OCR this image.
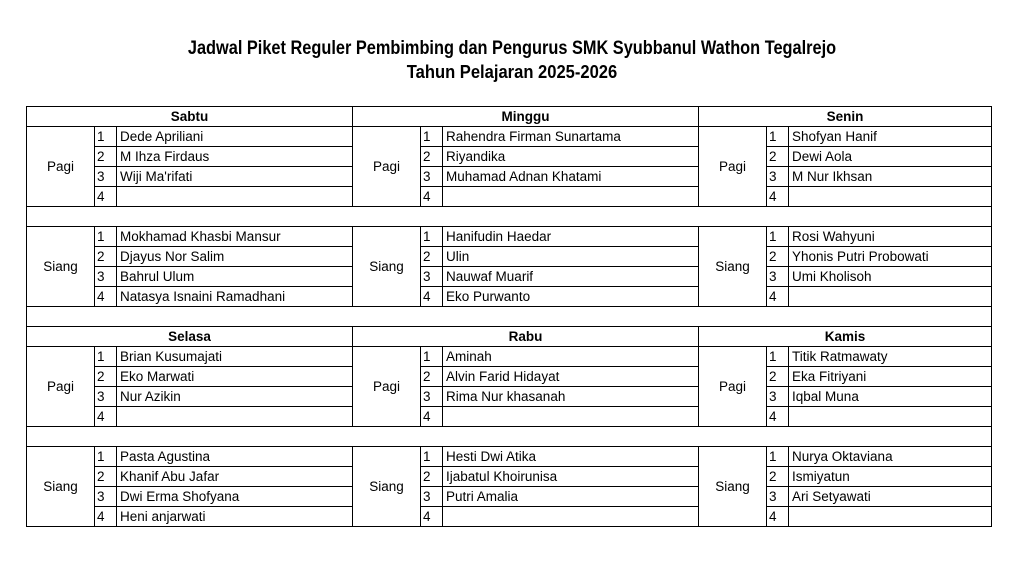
Jadwal Piket Reguler Pembimbing dan Pengurus SMK Syubbanul Wathon Tegalrejo
Tahun Pelajaran 2025-2026
Sabtu			Minggu			Senin		
Pagi	1	Dede Apriliani	Pagi	1	Rahendra Firman Sunartama	Pagi	1	Shofyan Hanif
	2	M Ihza Firdaus		2	Riyandika		2	Dewi Aola
	3	Wiji Ma'rifati		3	Muhamad Adnan Khatami		3	M Nur Ikhsan
	4			4			4	

Siang	1	Mokhamad Khasbi Mansur	Siang	1	Hanifudin Haedar	Siang	1	Rosi Wahyuni
	2	Djayus Nor Salim		2	Ulin		2	Yhonis Putri Probowati
	3	Bahrul Ulum		3	Nauwaf Muarif		3	Umi Kholisoh
	4	Natasya Isnaini Ramadhani		4	Eko Purwanto		4	

Selasa			Rabu			Kamis		
Pagi	1	Brian Kusumajati	Pagi	1	Aminah	Pagi	1	Titik Ratmawaty
	2	Eko Marwati		2	Alvin Farid Hidayat		2	Eka Fitriyani
	3	Nur Azikin		3	Rima Nur khasanah		3	Iqbal Muna
	4			4			4	

Siang	1	Pasta Agustina	Siang	1	Hesti Dwi Atika	Siang	1	Nurya Oktaviana
	2	Khanif Abu Jafar		2	Ijabatul Khoirunisa		2	Ismiyatun
	3	Dwi Erma Shofyana		3	Putri Amalia		3	Ari Setyawati
	4	Heni anjarwati		4			4	
